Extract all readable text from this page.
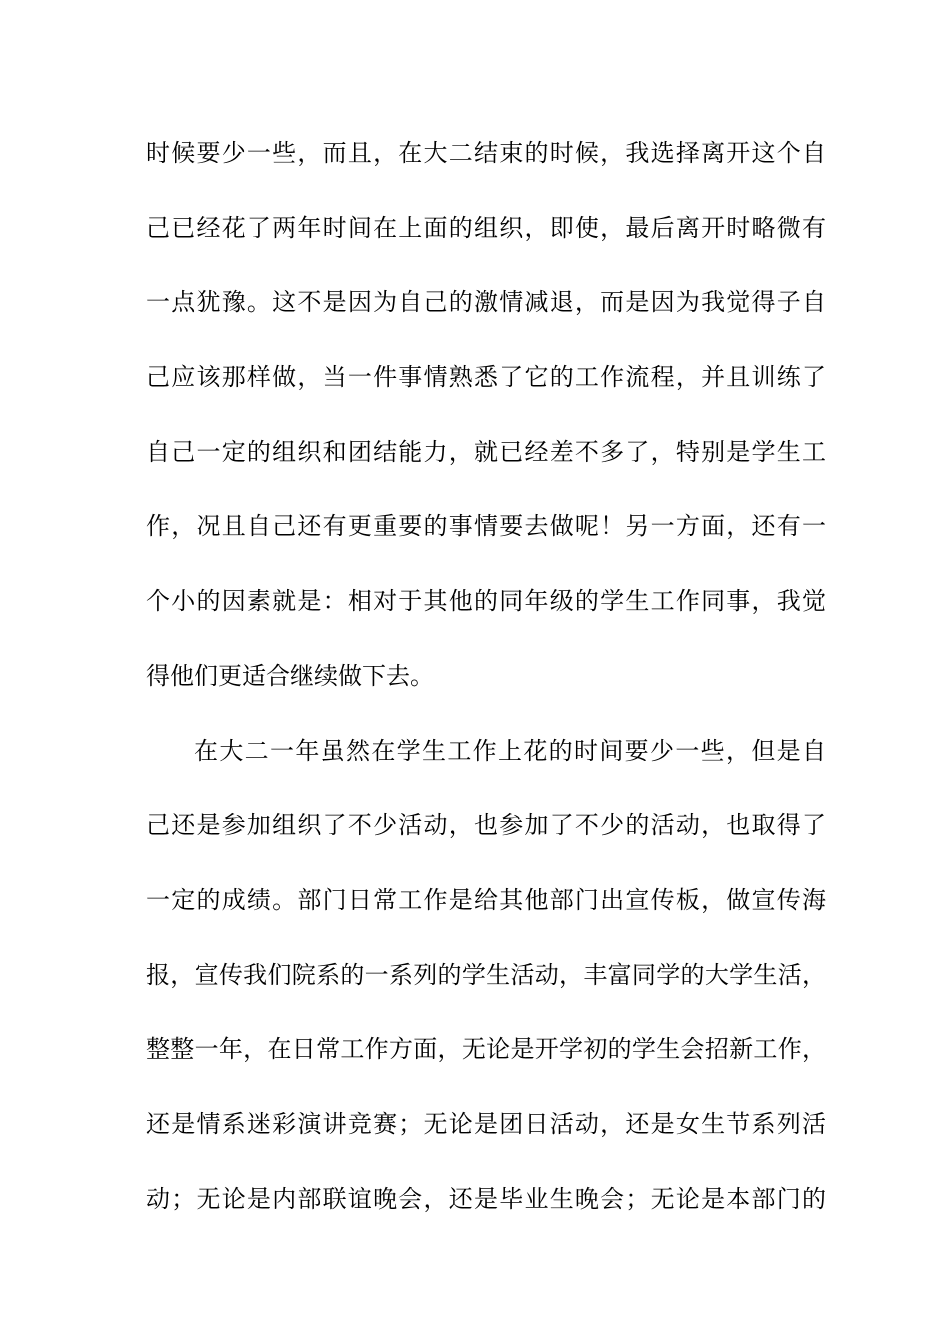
时候要少一些，而且，在大二结束的时候，我选择离开这个自
己已经花了两年时间在上面的组织，即使，最后离开时略微有
一点犹豫。这不是因为自己的激情减退，而是因为我觉得子自
己应该那样做，当一件事情熟悉了它的工作流程，并且训练了
自己一定的组织和团结能力，就已经差不多了，特别是学生工
作，况且自己还有更重要的事情要去做呢！另一方面，还有一
个小的因素就是：相对于其他的同年级的学生工作同事，我觉
得他们更适合继续做下去。
在大二一年虽然在学生工作上花的时间要少一些，但是自
己还是参加组织了不少活动，也参加了不少的活动，也取得了
一定的成绩。部门日常工作是给其他部门出宣传板，做宣传海
报，宣传我们院系的一系列的学生活动，丰富同学的大学生活，
整整一年，在日常工作方面，无论是开学初的学生会招新工作，
还是情系迷彩演讲竞赛；无论是团日活动，还是女生节系列活
动；无论是内部联谊晚会，还是毕业生晚会；无论是本部门的
